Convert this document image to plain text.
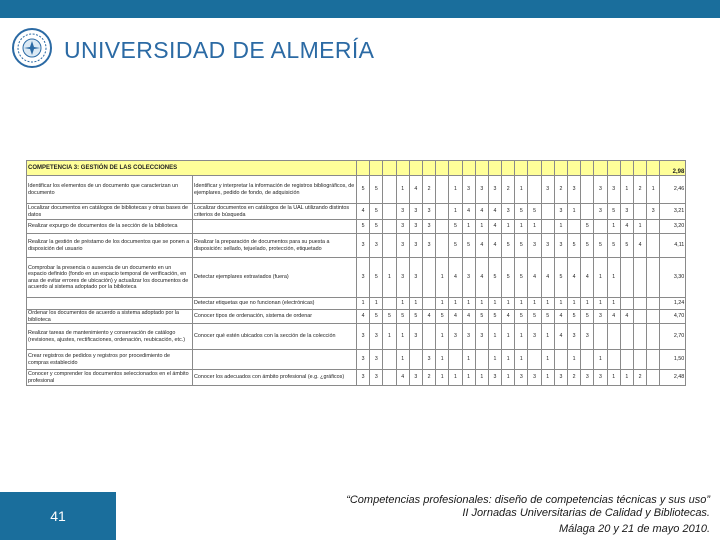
UNIVERSIDAD DE ALMERÍA
COMPETENCIA 3: GESTIÓN DE LAS COLECCIONES																									2,98
Identificar los elementos de un documento que caracterizan un documento	Identificar y interpretar la información de registros bibliográficos, de ejemplares, pedido de fondo, de adquisición	5	5		1	4	2		1	3	3	3	2	1		3	2	3		3	3	1	2	1	2,46
Localizar documentos en catálogos de bibliotecas y otras bases de datos	Localizar documentos en catálogos de la UAL utilizando distintos criterios de búsqueda	4	5		3	3	3		1	4	4	4	3	5	5		3	1		3	5	3		3	3,21
Realizar expurgo de documentos de la sección de la biblioteca		5	5		3	3	3		5	1	1	4	1	1	1		1		5		1	4	1		3,20
Realizar la gestión de préstamo de los documentos que se ponen a disposición del usuario	Realizar la preparación de documentos para su puesta a disposición: sellado, tejuelado, protección, etiquetado	3	3		3	3	3		5	5	4	4	5	5	3	3	3	5	5	5	5	5	4		4,11
Comprobar la presencia o ausencia de un documento en un espacio definido (fondo en un espacio temporal de verificación, en aras de evitar errores de ubicación) y actualizar los documentos de acuerdo al sistema adoptado por la biblioteca	Detectar ejemplares extraviados (fuera)	3	5	1	3	3		1	4	3	4	5	5	5	4	4	5	4	4	1	1				3,30
	Detectar etiquetas que no funcionan (electrónicas)	1	1		1	1		1	1	1	1	1	1	1	1	1	1	1	1	1	1				1,24
Ordenar los documentos de acuerdo a sistema adoptado por la biblioteca	Conocer tipos de ordenación, sistema de ordenar	4	5	5	5	5	4	5	4	4	5	5	4	5	5	5	4	5	5	3	4	4			4,70
Realizar tareas de mantenimiento y conservación de catálogo (revisiones, ajustes, rectificaciones, ordenación, reubicación, etc.)	Conocer qué estén ubicados con la sección de la colección	3	3	1	1	3		1	3	3	3	1	1	1	3	1	4	3	3						2,70
Crear registros de pedidos y registros por procedimiento de compras establecido		3	3		1		3	1		1		1	1	1		1		1		1					1,50
Conocer y comprender los documentos seleccionados en el ámbito profesional	Conocer los adecuados con ámbito profesional (e.g. ¿gráficos)	3	3		4	3	2	1	1	1	1	3	1	3	3	1	3	2	3	3	1	1	2		2,48
41
“Competencias profesionales: diseño de competencias técnicas y sus uso”
II Jornadas Universitarias de Calidad y Bibliotecas.
Málaga 20 y 21 de mayo 2010.
